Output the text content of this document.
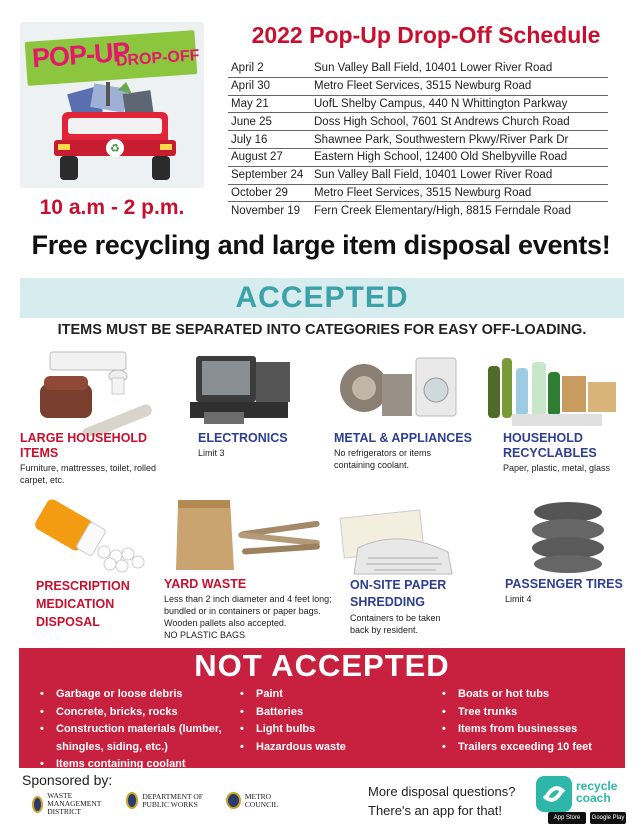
POP-UP
DROP-OFF
♻
10 a.m - 2 p.m.
2022 Pop-Up Drop-Off Schedule
April 2	Sun Valley Ball Field, 10401 Lower River Road
April 30	Metro Fleet Services, 3515 Newburg Road
May 21	UofL Shelby Campus, 440 N Whittington Parkway
June 25	Doss High School, 7601 St Andrews Church Road
July 16	Shawnee Park, Southwestern Pkwy/River Park Dr
August 27	Eastern High School, 12400 Old Shelbyville Road
September 24 Sun Valley Ball Field, 10401 Lower River Road
October 29	Metro Fleet Services, 3515 Newburg Road
November 19	Fern Creek Elementary/High, 8815 Ferndale Road
Free recycling and large item disposal events!
ACCEPTED
ITEMS MUST BE SEPARATED INTO CATEGORIES FOR EASY OFF-LOADING.
LARGE HOUSEHOLD ITEMS
Furniture, mattresses, toilet, rolled carpet, etc.
ELECTRONICS
Limit 3
METAL & APPLIANCES
No refrigerators or items containing coolant.
HOUSEHOLD RECYCLABLES
Paper, plastic, metal, glass
PRESCRIPTION MEDICATION DISPOSAL
YARD WASTE
Less than 2 inch diameter and 4 feet long; bundled or in containers or paper bags. Wooden pallets also accepted.
NO PLASTIC BAGS
ON-SITE PAPER SHREDDING
Containers to be taken back by resident.
PASSENGER TIRES
Limit 4
NOT ACCEPTED
• Garbage or loose debris
• Concrete, bricks, rocks
• Construction materials (lumber, shingles, siding, etc.)
• Items containing coolant
• Paint
• Batteries
• Light bulbs
• Hazardous waste
• Boats or hot tubs
• Tree trunks
• Items from businesses
• Trailers exceeding 10 feet
Sponsored by:
WASTE MANAGEMENT DISTRICT
DEPARTMENT OF PUBLIC WORKS
METRO COUNCIL
More disposal questions?
There's an app for that!
recycle
coach
App Store	Google Play
